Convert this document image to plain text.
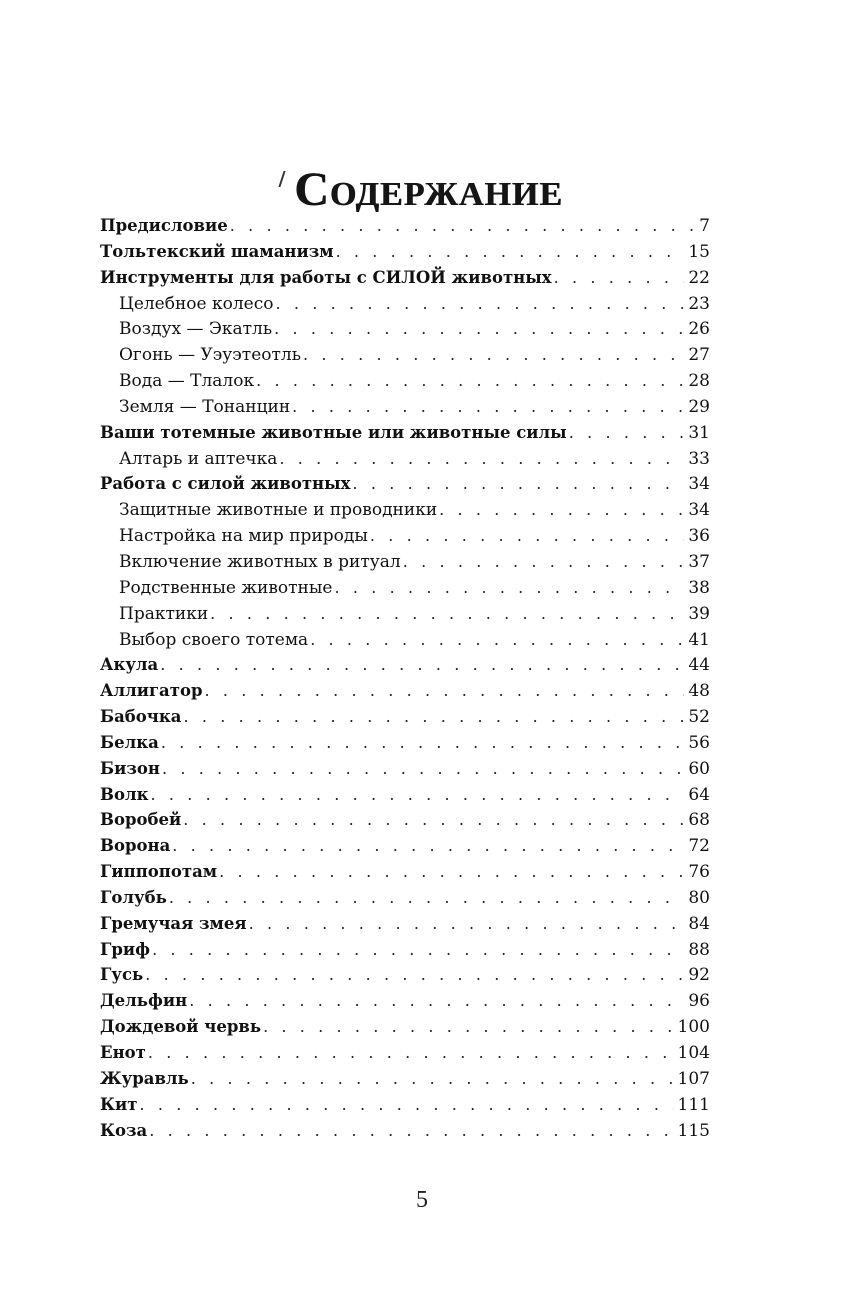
Содержание
Предисловие . . .	7
Тольтекский шаманизм . . .	15
Инструменты для работы с СИЛОЙ животных . . .	22
Целебное колесо . . .	23
Воздух — Экатль . . .	26
Огонь — Уэуэтеотль . . .	27
Вода — Тлалок . . .	28
Земля — Тонанцин . . .	29
Ваши тотемные животные или животные силы . . .	31
Алтарь и аптечка . . .	33
Работа с силой животных . . .	34
Защитные животные и проводники . . .	34
Настройка на мир природы . . .	36
Включение животных в ритуал . . .	37
Родственные животные . . .	38
Практики . . .	39
Выбор своего тотема . . .	41
Акула . . .	44
Аллигатор . . .	48
Бабочка . . .	52
Белка . . .	56
Бизон . . .	60
Волк . . .	64
Воробей . . .	68
Ворона . . .	72
Гиппопотам . . .	76
Голубь . . .	80
Гремучая змея . . .	84
Гриф . . .	88
Гусь . . .	92
Дельфин . . .	96
Дождевой червь . . .	100
Енот . . .	104
Журавль . . .	107
Кит . . .	111
Коза . . .	115
5
